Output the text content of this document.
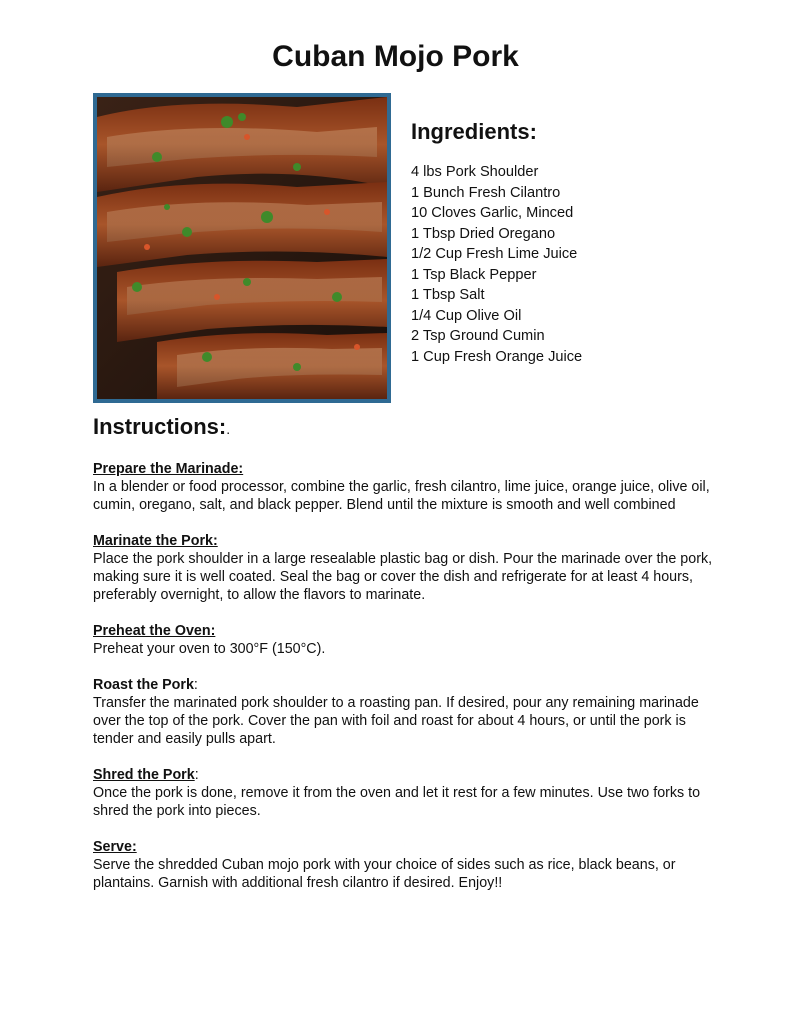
Cuban Mojo Pork
Ingredients:
4 lbs Pork Shoulder
1 Bunch Fresh Cilantro
10 Cloves Garlic, Minced
1 Tbsp Dried Oregano
1/2 Cup Fresh Lime Juice
1 Tsp Black Pepper
1 Tbsp Salt
1/4 Cup Olive Oil
2 Tsp Ground Cumin
1 Cup Fresh Orange Juice
Instructions:.
Prepare the Marinade:

In a blender or food processor, combine the garlic, fresh cilantro, lime juice, orange juice, olive oil, cumin, oregano, salt, and black pepper. Blend until the mixture is smooth and well combined

Marinate the Pork:

Place the pork shoulder in a large resealable plastic bag or dish. Pour the marinade over the pork, making sure it is well coated. Seal the bag or cover the dish and refrigerate for at least 4 hours, preferably overnight, to allow the flavors to marinate.

Preheat the Oven:

Preheat your oven to 300°F (150°C).

Roast the Pork:

Transfer the marinated pork shoulder to a roasting pan. If desired, pour any remaining marinade over the top of the pork. Cover the pan with foil and roast for about 4 hours, or until the pork is tender and easily pulls apart.

Shred the Pork:

Once the pork is done, remove it from the oven and let it rest for a few minutes. Use two forks to shred the pork into pieces.

Serve:

Serve the shredded Cuban mojo pork with your choice of sides such as rice, black beans, or plantains. Garnish with additional fresh cilantro if desired. Enjoy!!
